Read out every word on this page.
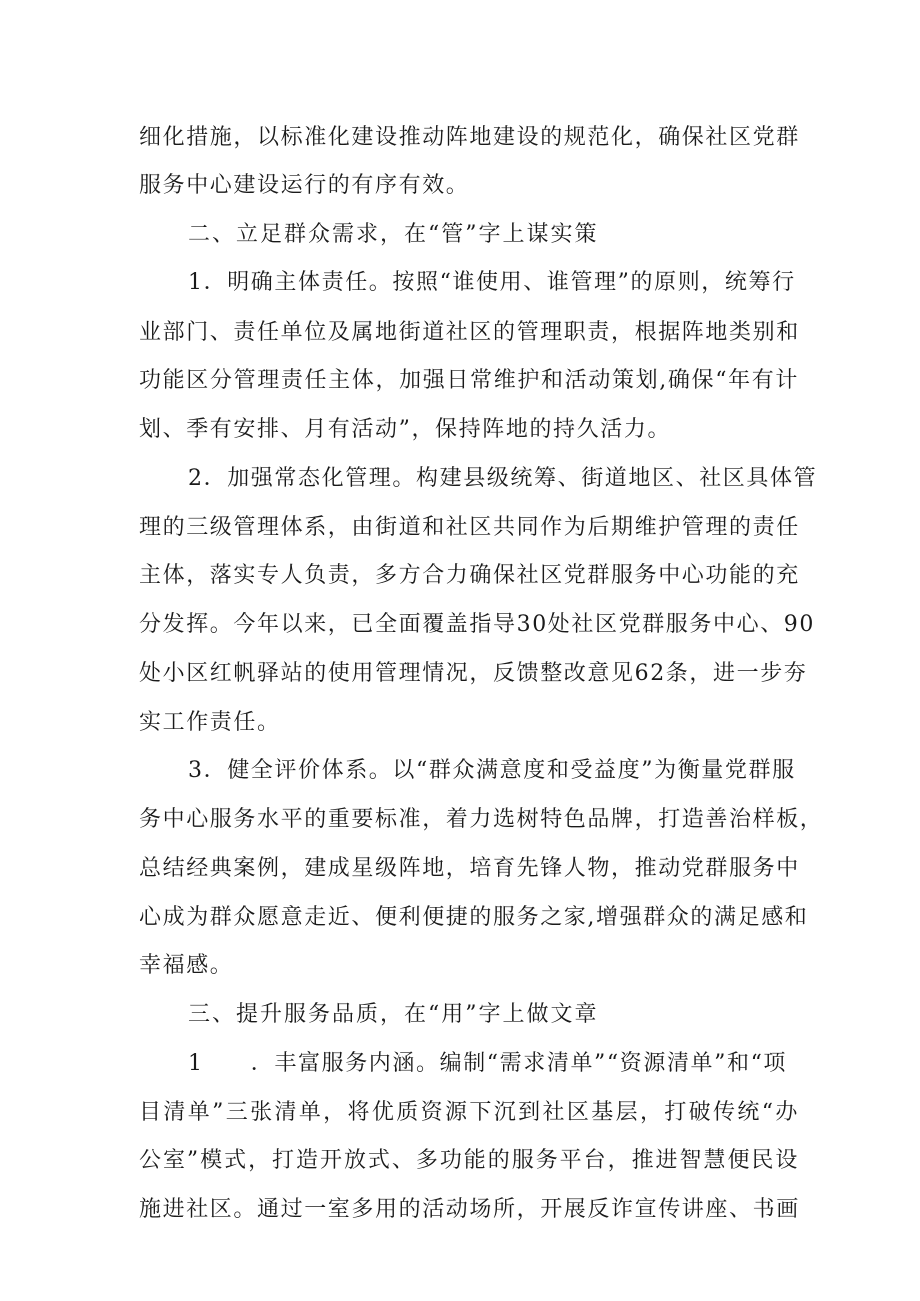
细化措施，以标准化建设推动阵地建设的规范化，确保社区党群
服务中心建设运行的有序有效。
二、立足群众需求，在“管”字上谋实策
1．明确主体责任。按照“谁使用、谁管理”的原则，统筹行
业部门、责任单位及属地街道社区的管理职责，根据阵地类别和
功能区分管理责任主体，加强日常维护和活动策划,确保“年有计
划、季有安排、月有活动”，保持阵地的持久活力。
2．加强常态化管理。构建县级统筹、街道地区、社区具体管
理的三级管理体系，由街道和社区共同作为后期维护管理的责任
主体，落实专人负责，多方合力确保社区党群服务中心功能的充
分发挥。今年以来，已全面覆盖指导30处社区党群服务中心、90
处小区红帆驿站的使用管理情况，反馈整改意见62条，进一步夯
实工作责任。
3．健全评价体系。以“群众满意度和受益度”为衡量党群服
务中心服务水平的重要标准，着力选树特色品牌，打造善治样板，
总结经典案例，建成星级阵地，培育先锋人物，推动党群服务中
心成为群众愿意走近、便利便捷的服务之家,增强群众的满足感和
幸福感。
三、提升服务品质，在“用”字上做文章
1　　．丰富服务内涵。编制“需求清单”“资源清单”和“项
目清单”三张清单，将优质资源下沉到社区基层，打破传统“办
公室”模式，打造开放式、多功能的服务平台，推进智慧便民设
施进社区。通过一室多用的活动场所，开展反诈宣传讲座、书画
